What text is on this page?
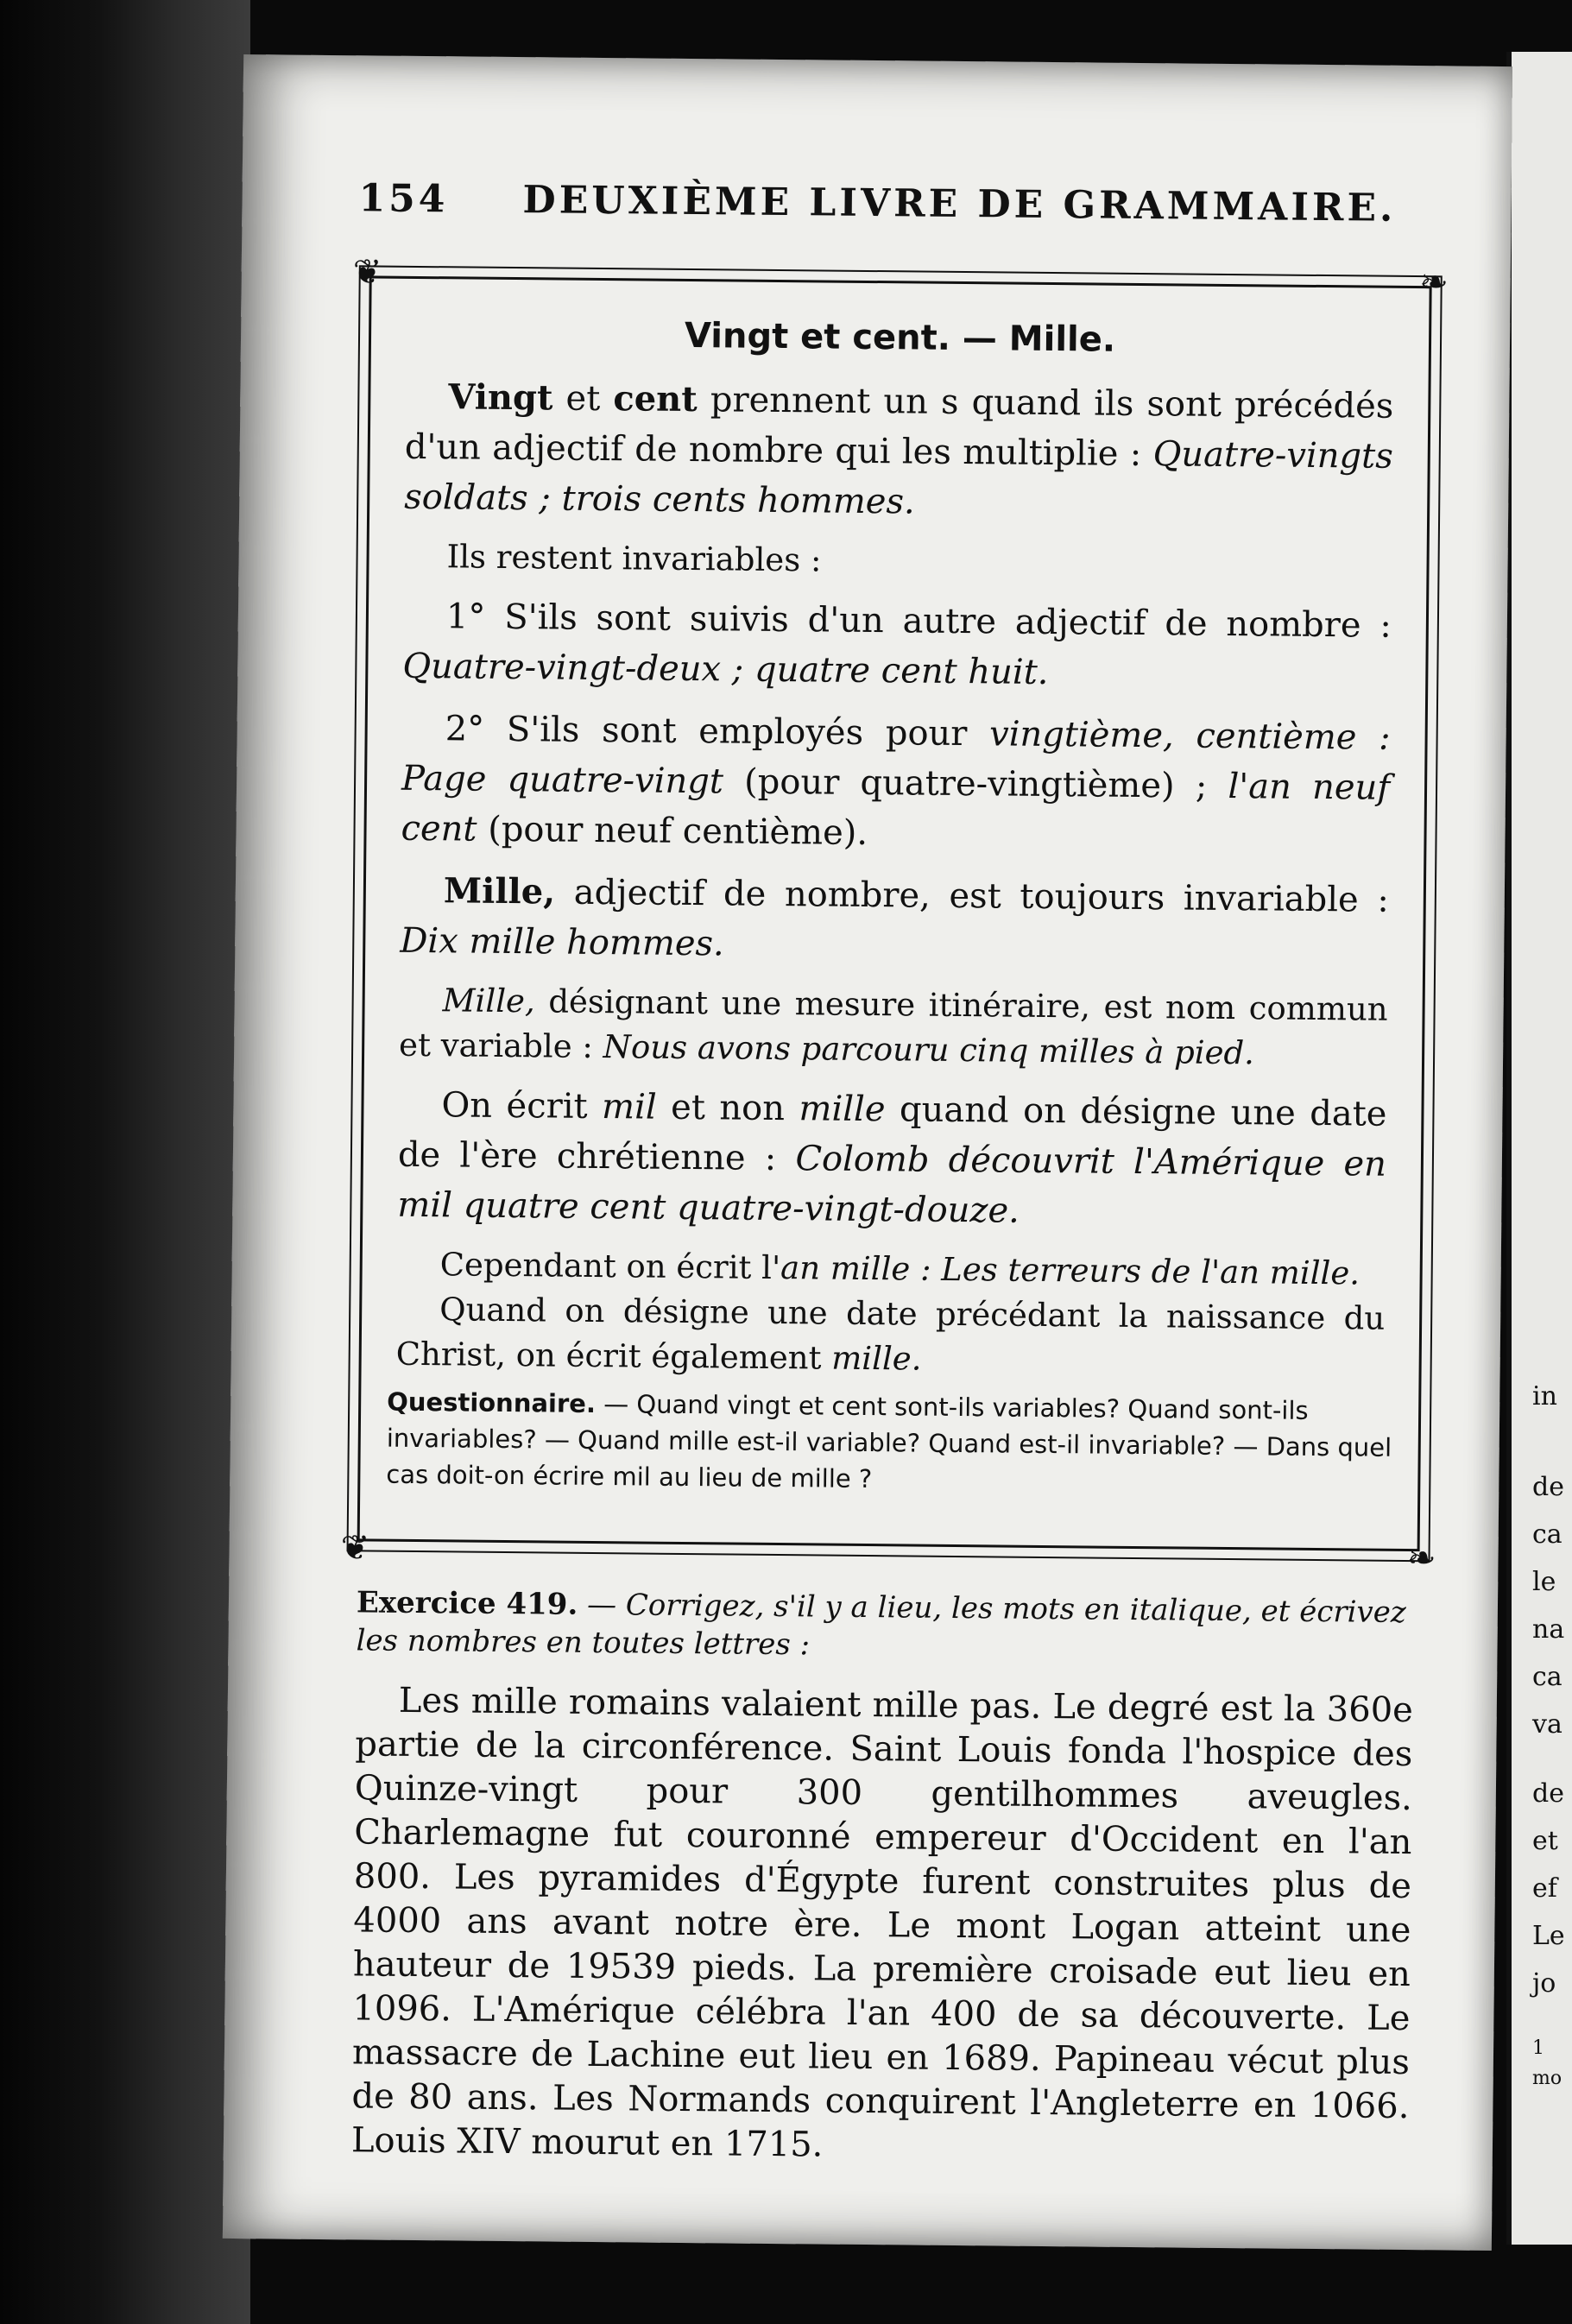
in
de
ca
le
na
ca
va
de
et
ef
Le
jo
1
mo
154 DEUXIÈME LIVRE DE GRAMMAIRE.
❦	❧
❦	❧
Vingt et cent. — Mille.

Vingt et cent prennent un s quand ils sont précédés d'un adjectif de nombre qui les multiplie : Quatre-vingts soldats ; trois cents hommes.

Ils restent invariables :

1° S'ils sont suivis d'un autre adjectif de nombre : Quatre-vingt-deux ; quatre cent huit.

2° S'ils sont employés pour vingtième, centième : Page quatre-vingt (pour quatre-vingtième) ; l'an neuf cent (pour neuf centième).

Mille, adjectif de nombre, est toujours invariable : Dix mille hommes.

Mille, désignant une mesure itinéraire, est nom commun et variable : Nous avons parcouru cinq milles à pied.

On écrit mil et non mille quand on désigne une date de l'ère chrétienne : Colomb découvrit l'Amérique en mil quatre cent quatre-vingt-douze.

Cependant on écrit l'an mille : Les terreurs de l'an mille.

Quand on désigne une date précédant la naissance du Christ, on écrit également mille.

Questionnaire. — Quand vingt et cent sont-ils variables? Quand sont-ils invariables? — Quand mille est-il variable? Quand est-il invariable? — Dans quel cas doit-on écrire mil au lieu de mille ?
Exercice 419. — Corrigez, s'il y a lieu, les mots en italique, et écrivez les nombres en toutes lettres :

Les mille romains valaient mille pas. Le degré est la 360e partie de la circonférence. Saint Louis fonda l'hospice des Quinze-vingt pour 300 gentilhommes aveugles. Charlemagne fut couronné empereur d'Occident en l'an 800. Les pyramides d'Égypte furent construites plus de 4000 ans avant notre ère. Le mont Logan atteint une hauteur de 19539 pieds. La première croisade eut lieu en 1096. L'Amérique célébra l'an 400 de sa découverte. Le massacre de Lachine eut lieu en 1689. Papineau vécut plus de 80 ans. Les Normands conquirent l'Angleterre en 1066. Louis XIV mourut en 1715.
